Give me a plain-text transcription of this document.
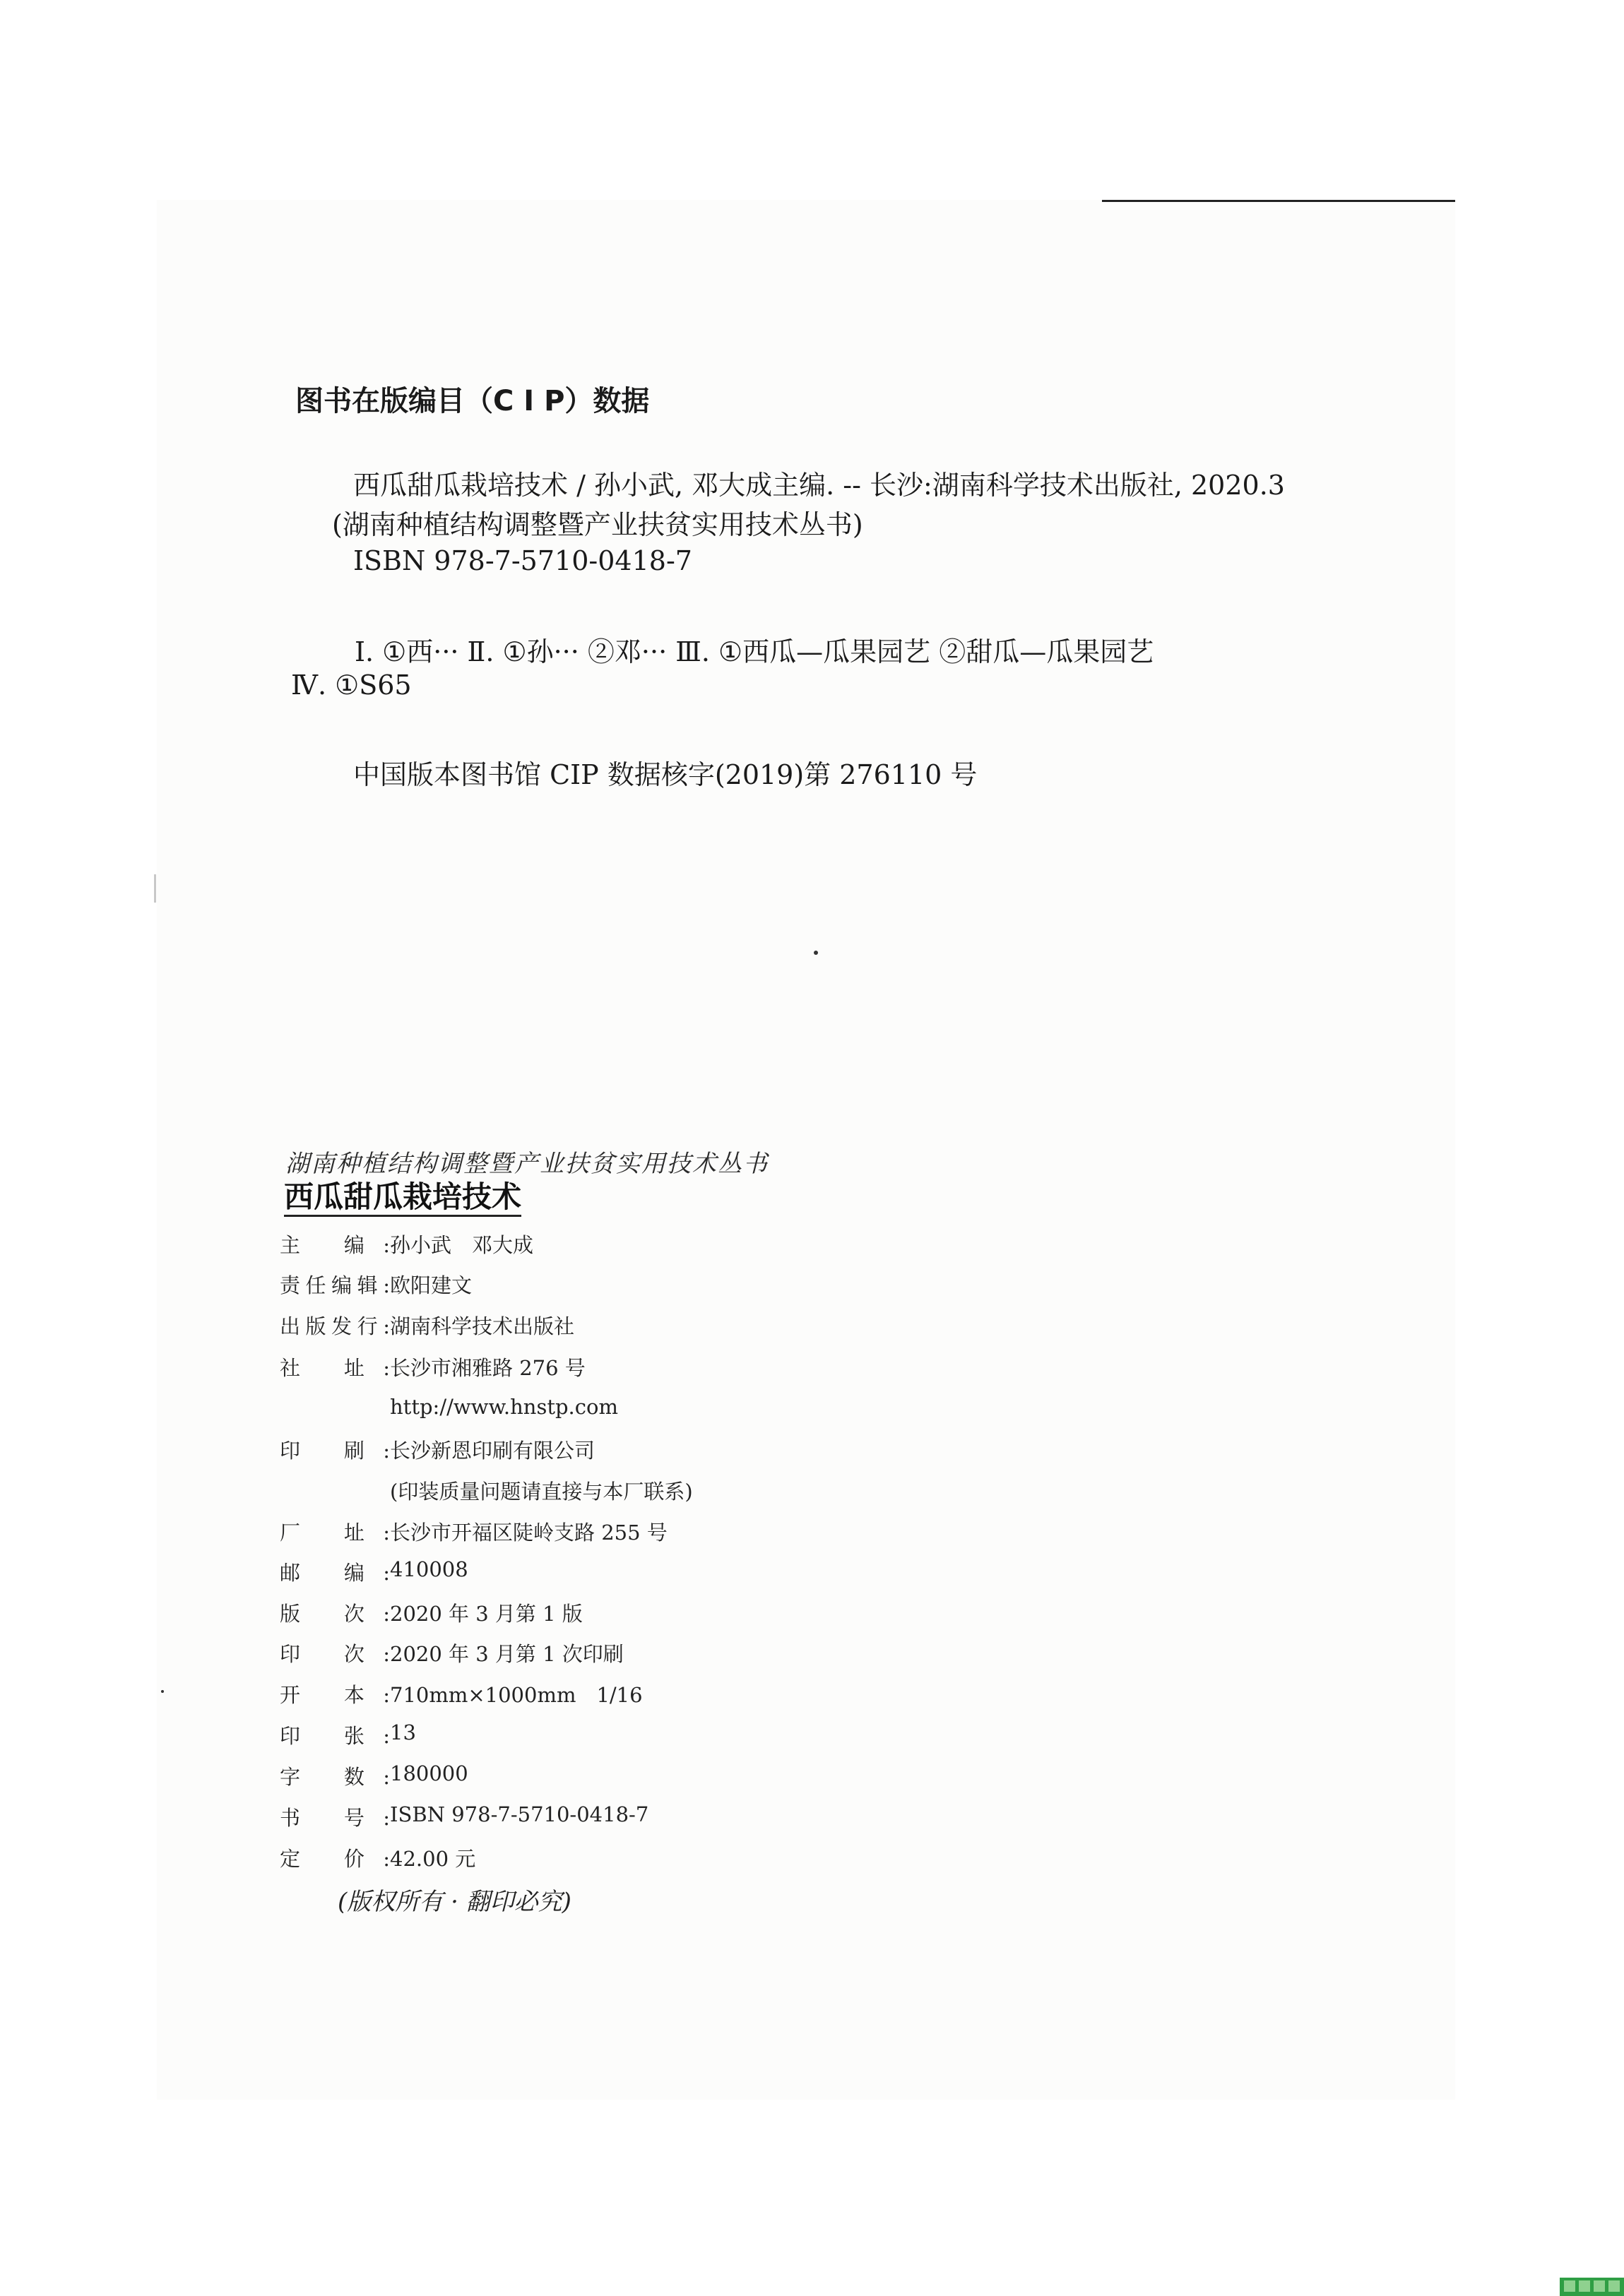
图书在版编目（C I P）数据
西瓜甜瓜栽培技术 / 孙小武, 邓大成主编. -- 长沙:湖南科学技术出版社, 2020.3
(湖南种植结构调整暨产业扶贫实用技术丛书)
ISBN 978-7-5710-0418-7
Ⅰ. ①西··· Ⅱ. ①孙··· ②邓··· Ⅲ. ①西瓜—瓜果园艺 ②甜瓜—瓜果园艺
Ⅳ. ①S65
中国版本图书馆 CIP 数据核字(2019)第 276110 号
湖南种植结构调整暨产业扶贫实用技术丛书
西瓜甜瓜栽培技术
主 编:孙小武　邓大成
责任编辑:欧阳建文
出版发行:湖南科学技术出版社
社 址:长沙市湘雅路 276 号
http://www.hnstp.com
印 刷:长沙新恩印刷有限公司
(印装质量问题请直接与本厂联系)
厂 址:长沙市开福区陡岭支路 255 号
邮 编:410008
版 次:2020 年 3 月第 1 版
印 次:2020 年 3 月第 1 次印刷
开 本:710mm×1000mm　1/16
印 张:13
字 数:180000
书 号:ISBN 978-7-5710-0418-7
定 价:42.00 元
(版权所有 · 翻印必究)
